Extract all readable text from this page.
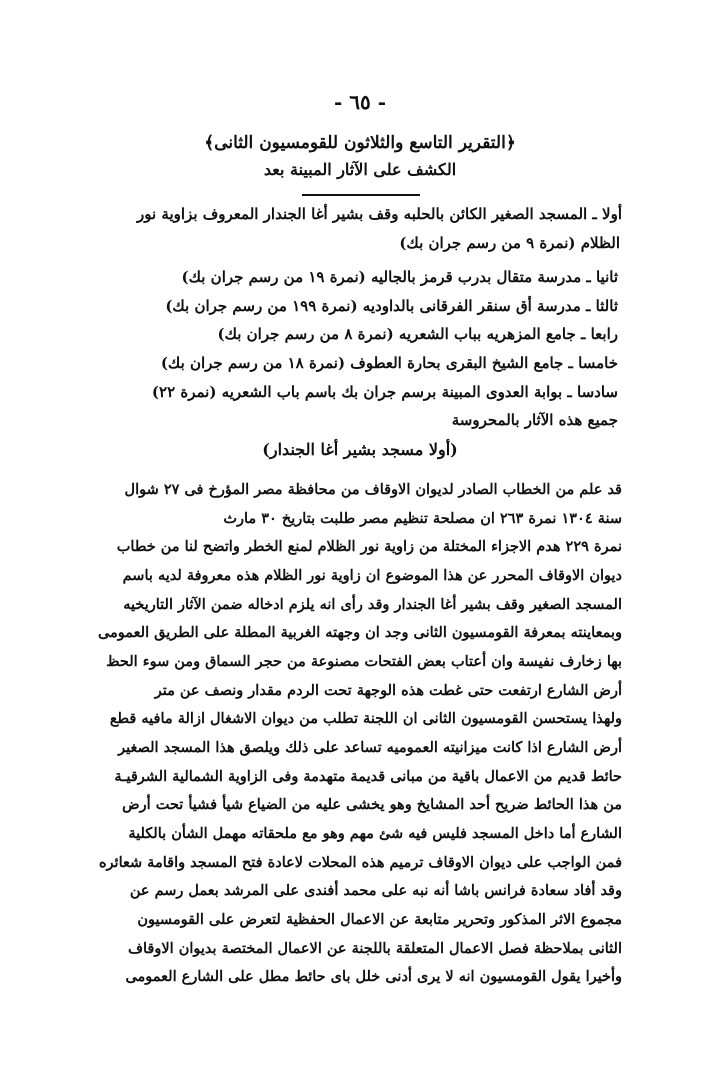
- ٦٥ -
﴿التقرير التاسع والثلاثون للقومسيون الثانى﴾
الكشف على الآثار المبينة بعد
أولا ـ المسجد الصغير الكائن بالحلبه وقف بشير أغا الجندار المعروف بزاوية نور
الظلام (نمرة ٩ من رسم جران بك)
ثانيا ـ مدرسة متقال بدرب قرمز بالجاليه (نمرة ١٩ من رسم جران بك)
ثالثا ـ مدرسة أق سنقر الفرقانى بالداوديه (نمرة ١٩٩ من رسم جران بك)
رابعا ـ جامع المزهريه بباب الشعريه (نمرة ٨ من رسم جران بك)
خامسا ـ جامع الشيخ البقرى بحارة العطوف (نمرة ١٨ من رسم جران بك)
سادسا ـ بوابة العدوى المبينة برسم جران بك باسم باب الشعريه (نمرة ٢٢)
جميع هذه الآثار بالمحروسة
(أولا مسجد بشير أغا الجندار)
قد علم من الخطاب الصادر لديوان الاوقاف من محافظة مصر المؤرخ فى ٢٧ شوال
سنة ١٣٠٤ نمرة ٢٦٣ ان مصلحة تنظيم مصر طلبت بتاريخ ٣٠ مارث
نمرة ٢٢٩ هدم الاجزاء المختلة من زاوية نور الظلام لمنع الخطر واتضح لنا من خطاب
ديوان الاوقاف المحرر عن هذا الموضوع ان زاوية نور الظلام هذه معروفة لديه باسم
المسجد الصغير وقف بشير أغا الجندار وقد رأى انه يلزم ادخاله ضمن الآثار التاريخيه
وبمعاينته بمعرفة القومسيون الثانى وجد ان وجهته الغربية المطلة على الطريق العمومى
بها زخارف نفيسة وان أعتاب بعض الفتحات مصنوعة من حجر السماق ومن سوء الحظ
أرض الشارع ارتفعت حتى غطت هذه الوجهة تحت الردم مقدار ونصف عن متر
ولهذا يستحسن القومسيون الثانى ان اللجنة تطلب من ديوان الاشغال ازالة مافيه قطع
أرض الشارع اذا كانت ميزانيته العموميه تساعد على ذلك ويلصق هذا المسجد الصغير
حائط قديم من الاعمال باقية من مبانى قديمة متهدمة وفى الزاوية الشمالية الشرقيـة
من هذا الحائط ضريح أحد المشايخ وهو يخشى عليه من الضياع شيأ فشيأ تحت أرض
الشارع أما داخل المسجد فليس فيه شئ مهم وهو مع ملحقاته مهمل الشأن بالكلية
فمن الواجب على ديوان الاوقاف ترميم هذه المحلات لاعادة فتح المسجد واقامة شعائره
وقد أفاد سعادة فرانس باشا أنه نبه على محمد أفندى على المرشد بعمل رسم عن
مجموع الاثر المذكور وتحرير متابعة عن الاعمال الحفظية لتعرض على القومسيون
الثانى بملاحظة فصل الاعمال المتعلقة باللجنة عن الاعمال المختصة بديوان الاوقاف
وأخيرا يقول القومسيون انه لا يرى أدنى خلل باى حائط مطل على الشارع العمومى
